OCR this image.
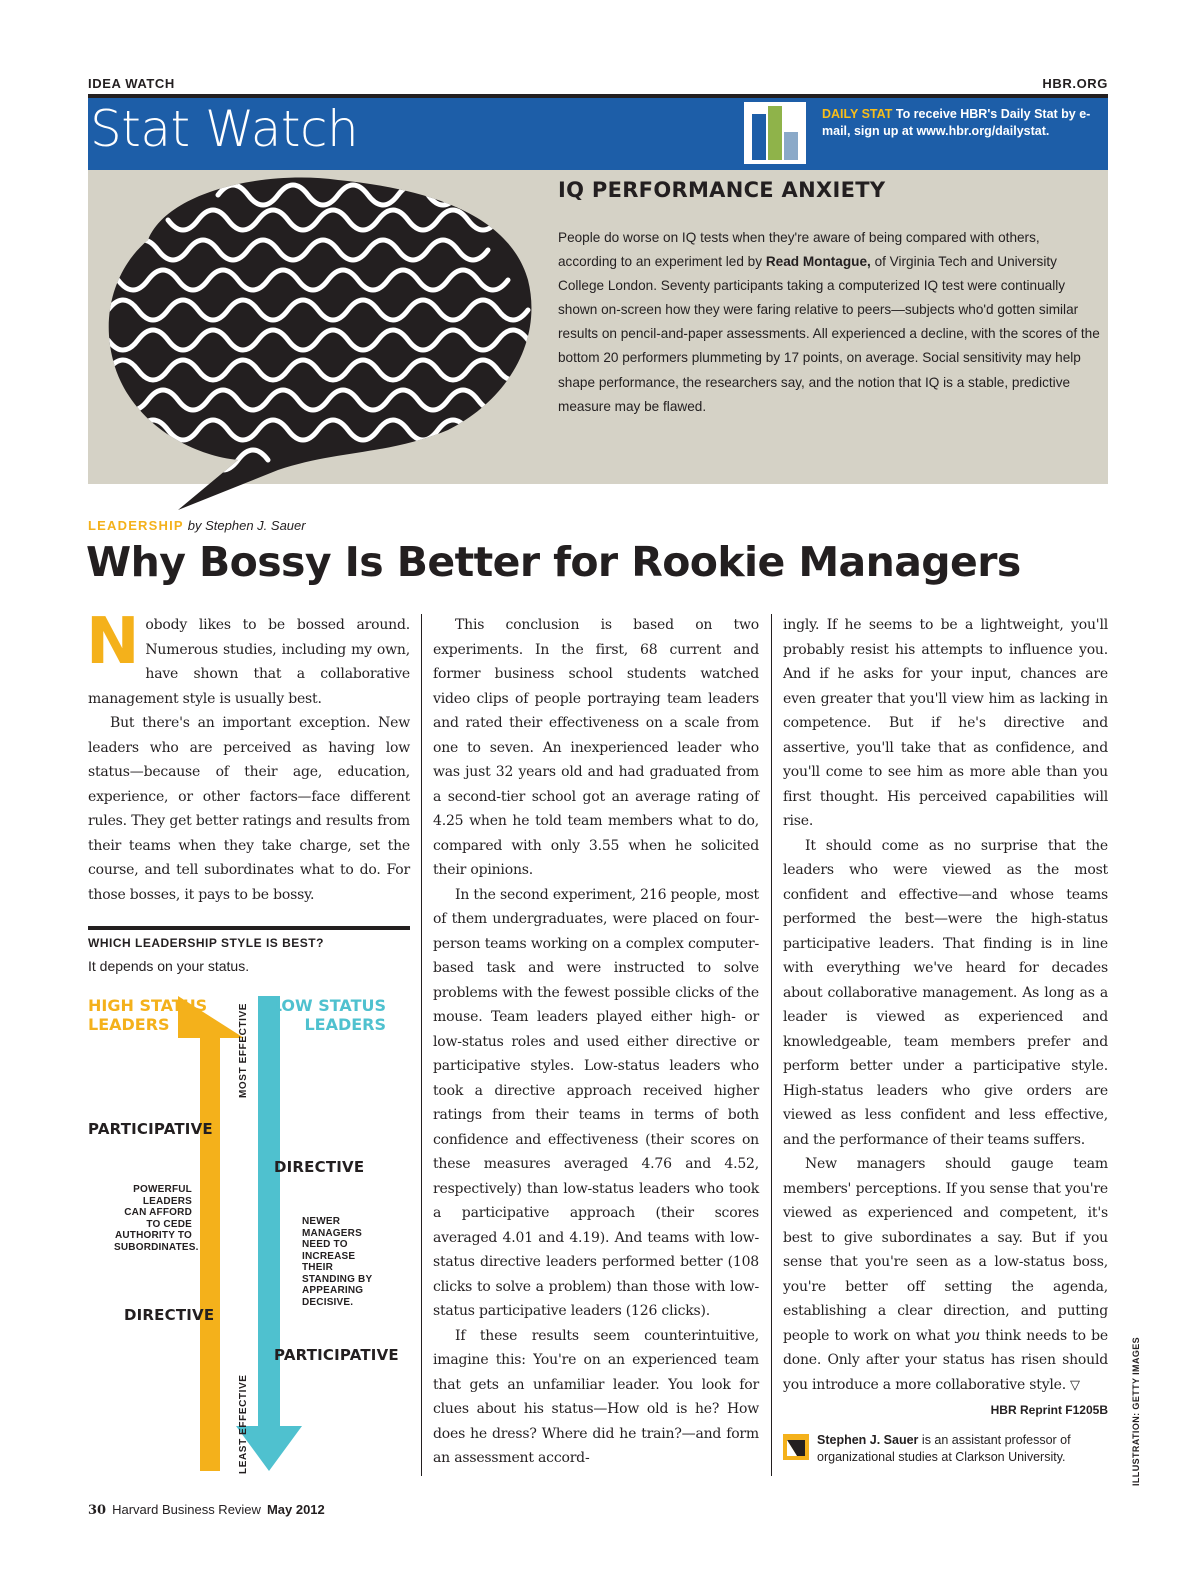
IDEA WATCH	HBR.ORG
Stat Watch	DAILY STAT To receive HBR's Daily Stat by e-mail, sign up at www.hbr.org/dailystat.
IQ PERFORMANCE ANXIETY
People do worse on IQ tests when they're aware of being compared with others, according to an experiment led by Read Montague, of Virginia Tech and University College London. Seventy participants taking a computerized IQ test were continually shown on-screen how they were faring relative to peers—subjects who'd gotten similar results on pencil-and-paper assessments. All experienced a decline, with the scores of the bottom 20 performers plummeting by 17 points, on average. Social sensitivity may help shape performance, the researchers say, and the notion that IQ is a stable, predictive measure may be flawed.
LEADERSHIP by Stephen J. Sauer
Why Bossy Is Better for Rookie Managers

Nobody likes to be bossed around. Numerous studies, including my own, have shown that a collaborative management style is usually best.

But there's an important exception. New leaders who are perceived as having low status—because of their age, education, experience, or other factors—face different rules. They get better ratings and results from their teams when they take charge, set the course, and tell subordinates what to do. For those bosses, it pays to be bossy.

WHICH LEADERSHIP STYLE IS BEST?
It depends on your status.
HIGH STATUS
LEADERS
LOW STATUS
LEADERS
MOST EFFECTIVE
LEAST EFFECTIVE
PARTICIPATIVE
DIRECTIVE
DIRECTIVE
PARTICIPATIVE
POWERFUL
LEADERS
CAN AFFORD
TO CEDE
AUTHORITY TO
SUBORDINATES.
NEWER
MANAGERS
NEED TO
INCREASE
THEIR
STANDING BY
APPEARING
DECISIVE.

This conclusion is based on two experiments. In the first, 68 current and former business school students watched video clips of people portraying team leaders and rated their effectiveness on a scale from one to seven. An inexperienced leader who was just 32 years old and had graduated from a second-tier school got an average rating of 4.25 when he told team members what to do, compared with only 3.55 when he solicited their opinions.

In the second experiment, 216 people, most of them undergraduates, were placed on four-person teams working on a complex computer-based task and were instructed to solve problems with the fewest possible clicks of the mouse. Team leaders played either high- or low-status roles and used either directive or participative styles. Low-status leaders who took a directive approach received higher ratings from their teams in terms of both confidence and effectiveness (their scores on these measures averaged 4.76 and 4.52, respectively) than low-status leaders who took a participative approach (their scores averaged 4.01 and 4.19). And teams with low-status directive leaders performed better (108 clicks to solve a problem) than those with low-status participative leaders (126 clicks).

If these results seem counterintuitive, imagine this: You're on an experienced team that gets an unfamiliar leader. You look for clues about his status—How old is he? How does he dress? Where did he train?—and form an assessment accord-

ingly. If he seems to be a lightweight, you'll probably resist his attempts to influence you. And if he asks for your input, chances are even greater that you'll view him as lacking in competence. But if he's directive and assertive, you'll take that as confidence, and you'll come to see him as more able than you first thought. His perceived capabilities will rise.

It should come as no surprise that the leaders who were viewed as the most confident and effective—and whose teams performed the best—were the high-status participative leaders. That finding is in line with everything we've heard for decades about collaborative management. As long as a leader is viewed as experienced and knowledgeable, team members prefer and perform better under a participative style. High-status leaders who give orders are viewed as less confident and less effective, and the performance of their teams suffers.

New managers should gauge team members' perceptions. If you sense that you're viewed as experienced and competent, it's best to give subordinates a say. But if you sense that you're seen as a low-status boss, you're better off setting the agenda, establishing a clear direction, and putting people to work on what you think needs to be done. Only after your status has risen should you introduce a more collaborative style. ▽
HBR Reprint F1205B

Stephen J. Sauer is an assistant professor of organizational studies at Clarkson University.
30 Harvard Business Review May 2012
ILLUSTRATION: GETTY IMAGES
